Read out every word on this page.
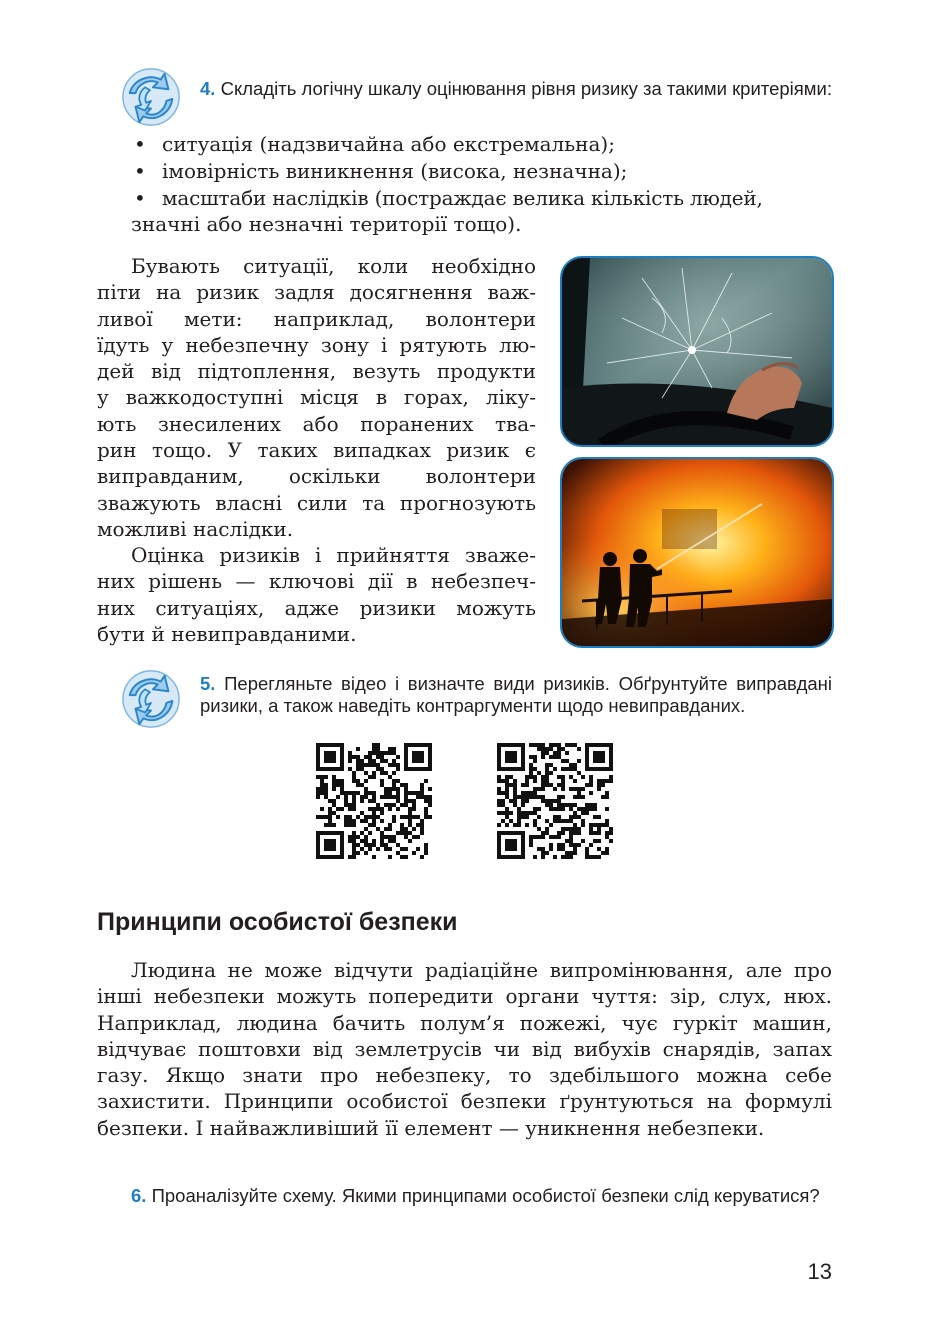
4. Складіть логічну шкалу оцінювання рівня ризику за такими критеріями:
• ситуація (надзвичайна або екстремальна);
• імовірність виникнення (висока, незначна);
• масштаби наслідків (постраждає велика кількість людей,
значні або незначні території тощо).
Бувають ситуації, коли необхідно
піти на ризик задля досягнення важ-
ливої мети: наприклад, волонтери
їдуть у небезпечну зону і рятують лю-
дей від підтоплення, везуть продукти
у важкодоступні місця в горах, ліку-
ють знесилених або поранених тва-
рин тощо. У таких випадках ризик є
виправданим, оскільки волонтери
зважують власні сили та прогнозують
можливі наслідки.
Оцінка ризиків і прийняття зваже-
них рішень — ключові дії в небезпеч-
них ситуаціях, адже ризики можуть
бути й невиправданими.
5. Перегляньте відео і визначте види ризиків. Обґрунтуйте виправдані ризики, а також наведіть контраргументи щодо невиправданих.
Принципи особистої безпеки
Людина не може відчути радіаційне випромінювання, але про інші небезпеки можуть попередити органи чуття: зір, слух, нюх. Наприклад, людина бачить полум’я пожежі, чує гуркіт машин, відчуває поштовхи від землетрусів чи від вибухів снарядів, запах газу. Якщо знати про небезпеку, то здебільшого можна себе захистити. Принципи особистої безпеки ґрунтуються на формулі безпеки. І найважливіший її елемент — уникнення небезпеки.
6. Проаналізуйте схему. Якими принципами особистої безпеки слід керуватися?
13
